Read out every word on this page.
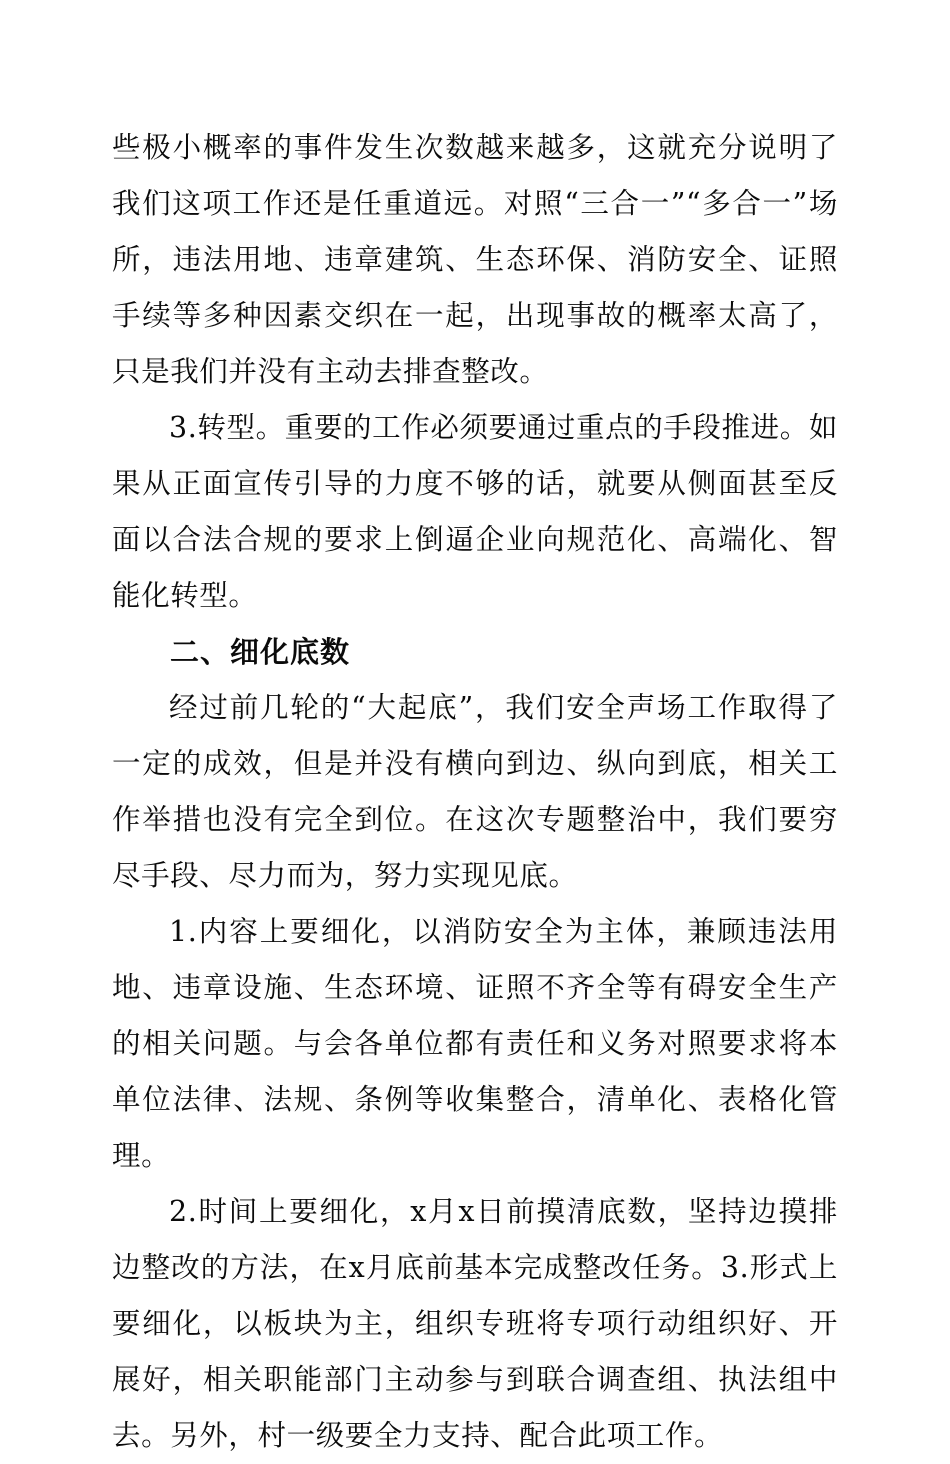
些极小概率的事件发生次数越来越多，这就充分说明了我们这项工作还是任重道远。对照“三合一”“多合一”场所，违法用地、违章建筑、生态环保、消防安全、证照手续等多种因素交织在一起，出现事故的概率太高了，只是我们并没有主动去排查整改。

3.转型。重要的工作必须要通过重点的手段推进。如果从正面宣传引导的力度不够的话，就要从侧面甚至反面以合法合规的要求上倒逼企业向规范化、高端化、智能化转型。

二、细化底数

经过前几轮的“大起底”，我们安全声场工作取得了一定的成效，但是并没有横向到边、纵向到底，相关工作举措也没有完全到位。在这次专题整治中，我们要穷尽手段、尽力而为，努力实现见底。

1.内容上要细化，以消防安全为主体，兼顾违法用地、违章设施、生态环境、证照不齐全等有碍安全生产的相关问题。与会各单位都有责任和义务对照要求将本单位法律、法规、条例等收集整合，清单化、表格化管理。

2.时间上要细化，x月x日前摸清底数，坚持边摸排边整改的方法，在x月底前基本完成整改任务。3.形式上要细化，以板块为主，组织专班将专项行动组织好、开展好，相关职能部门主动参与到联合调查组、执法组中去。另外，村一级要全力支持、配合此项工作。
